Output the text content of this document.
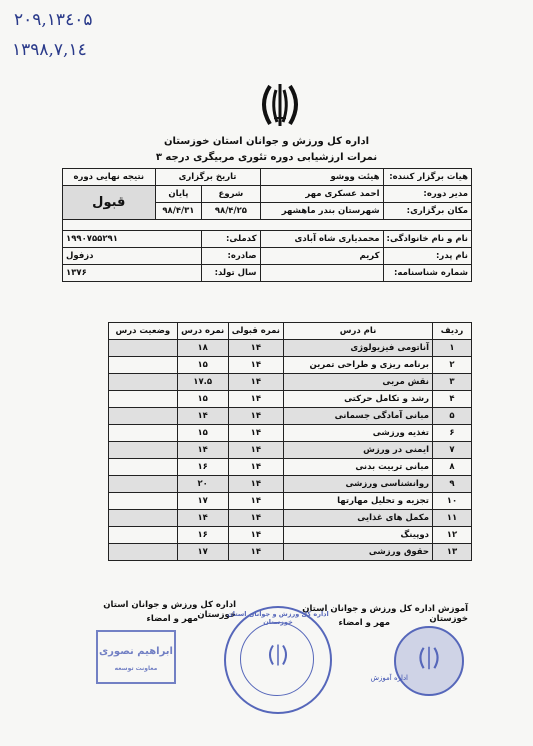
۲۰۹,۱۳٤۰۵
۱۳۹۸,۷,۱٤
اداره کل ورزش و جوانان استان خوزستان
نمرات ارزشیابی دوره تئوری مربیگری درجه ۳
هیات برگزار کننده:	هیئت ووشو	تاریخ برگزاری		نتیجه نهایی دوره
مدیر دوره:	احمد عسکری مهر	شروع	پایان	قبول
مکان برگزاری:	شهرستان بندر ماهشهر	۹۸/۴/۲۵	۹۸/۴/۳۱	

نام و نام خانوادگی:	محمدیاری شاه آبادی	کدملی:	۱۹۹۰۷۵۵۲۹۱	
نام پدر:	کریم	صادره:	دزفول	
شماره شناسنامه:		سال تولد:	۱۳۷۶	
ردیف	نام درس	نمره قبولی	نمره درس	وضعیت درس
۱	آناتومی فیزیولوژی	۱۴	۱۸	
۲	برنامه ریزی و طراحی تمرین	۱۴	۱۵	
۳	نقش مربی	۱۴	۱۷.۵	
۴	رشد و تکامل حرکتی	۱۴	۱۵	
۵	مبانی آمادگی جسمانی	۱۴	۱۴	
۶	تغذیه ورزشی	۱۴	۱۵	
۷	ایمنی در ورزش	۱۴	۱۴	
۸	مبانی تربیت بدنی	۱۴	۱۶	
۹	روانشناسی ورزشی	۱۴	۲۰	
۱۰	تجزیه و تحلیل مهارتها	۱۴	۱۷	
۱۱	مکمل های غذایی	۱۴	۱۴	
۱۲	دوپینگ	۱۴	۱۶	
۱۳	حقوق ورزشی	۱۴	۱۷	
اداره کل ورزش و جوانان استان خوزستان
مهر و امضاء
آموزش اداره کل ورزش و جوانان استان خوزستان
مهر و امضاء
ابراهیم نصوری
معاونت توسعه
اداره کل ورزش و جوانان استان خوزستان
اداره آموزش
